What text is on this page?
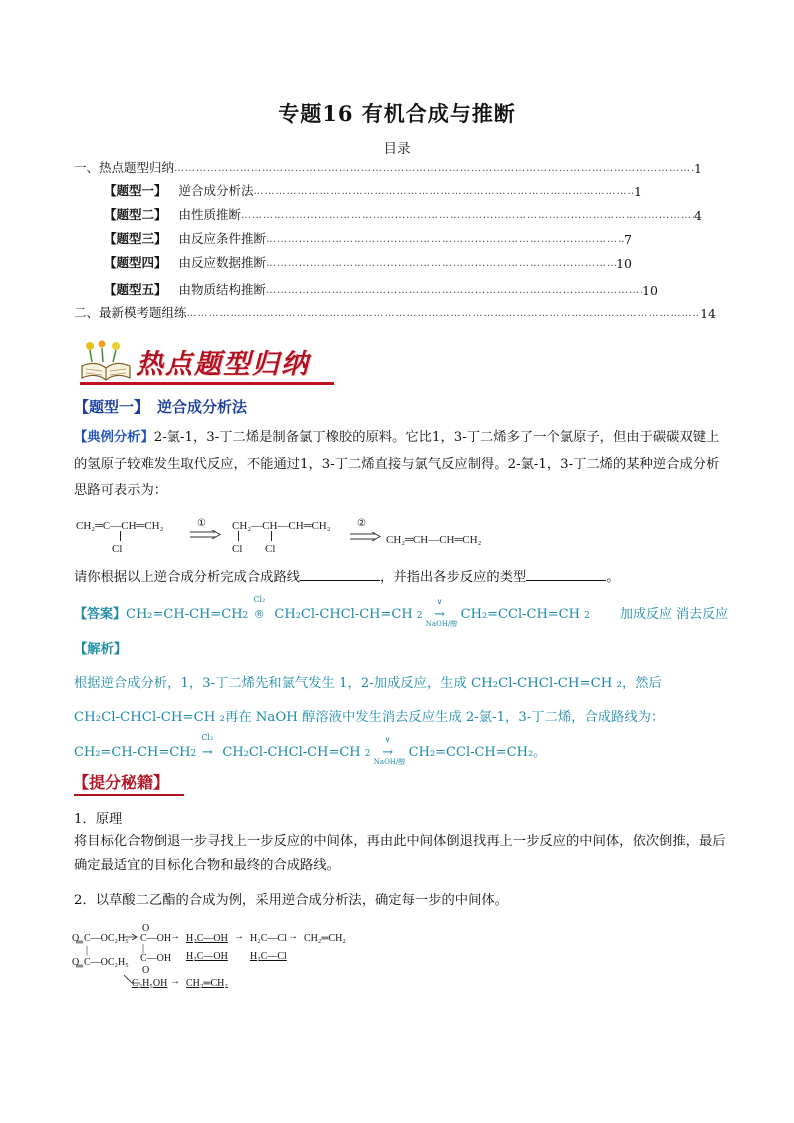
专题16 有机合成与推断
目录
一、热点题型归纳 ………………………………………………………………………………………………………………………………………………………………………………………………………………………………………………	1
【题型一】 逆合成分析法 ………………………………………………………………………………………………………………………………………………………………………………………………………………………………………………	1
【题型二】 由性质推断 ………………………………………………………………………………………………………………………………………………………………………………………………………………………………………………	4
【题型三】 由反应条件推断 ………………………………………………………………………………………………………………………………………………………………………………………………………………………………………………	7
【题型四】 由反应数据推断 ………………………………………………………………………………………………………………………………………………………………………………………………………………………………………………	10
【题型五】 由物质结构推断 ………………………………………………………………………………………………………………………………………………………………………………………………………………………………………………	10
二、最新模考题组练 ………………………………………………………………………………………………………………………………………………………………………………………………………………………………………………	14
热点题型归纳
【题型一】 逆合成分析法
【典例分析】2-氯-1，3-丁二烯是制备氯丁橡胶的原料。它比1，3-丁二烯多了一个氯原子，但由于碳碳双键上的氢原子较难发生取代反应，不能通过1，3-丁二烯直接与氯气反应制得。2-氯-1，3-丁二烯的某种逆合成分析思路可表示为：
CH₂═C—CH═CH₂
Cl
① CH₂—CH—CH═CH₂
Cl Cl
②
CH₂═CH—CH═CH₂
请你根据以上逆合成分析完成合成路线	，并指出各步反应的类型	。
【答案】CH₂=CH-CH=CH2
Cl₂
® CH₂Cl-CHCl-CH=CH 2
∨
→
NaOH/醇
CH₂=CCl-CH=CH 2 加成反应 消去反应
【解析】
根据逆合成分析，1，3-丁二烯先和氯气发生 1，2-加成反应，生成 CH₂Cl-CHCl-CH=CH ₂，然后
CH₂Cl-CHCl-CH=CH ₂再在 NaOH 醇溶液中发生消去反应生成 2-氯-1，3-丁二烯，合成路线为：
CH₂=CH-CH=CH2
Cl₂
→ CH₂Cl-CHCl-CH=CH 2
∨
→
NaOH/醇
CH₂=CCl-CH=CH₂。
【提分秘籍】
1．原理
将目标化合物倒退一步寻找上一步反应的中间体，再由此中间体倒退找再上一步反应的中间体，依次倒推，最后确定最适宜的目标化合物和最终的合成路线。
2．以草酸二乙酯的合成为例，采用逆合成分析法，确定每一步的中间体。
O
═ C—OC₂H₅
|
C—OC₂H₅
O
═
O
C—OH
|
C—OH
O
→ H₂C—OH
H₂C—OH
→ H₂C—Cl
H₂C—Cl
→ CH₂═CH₂
C₂H₅OH → CH₂═CH₂
